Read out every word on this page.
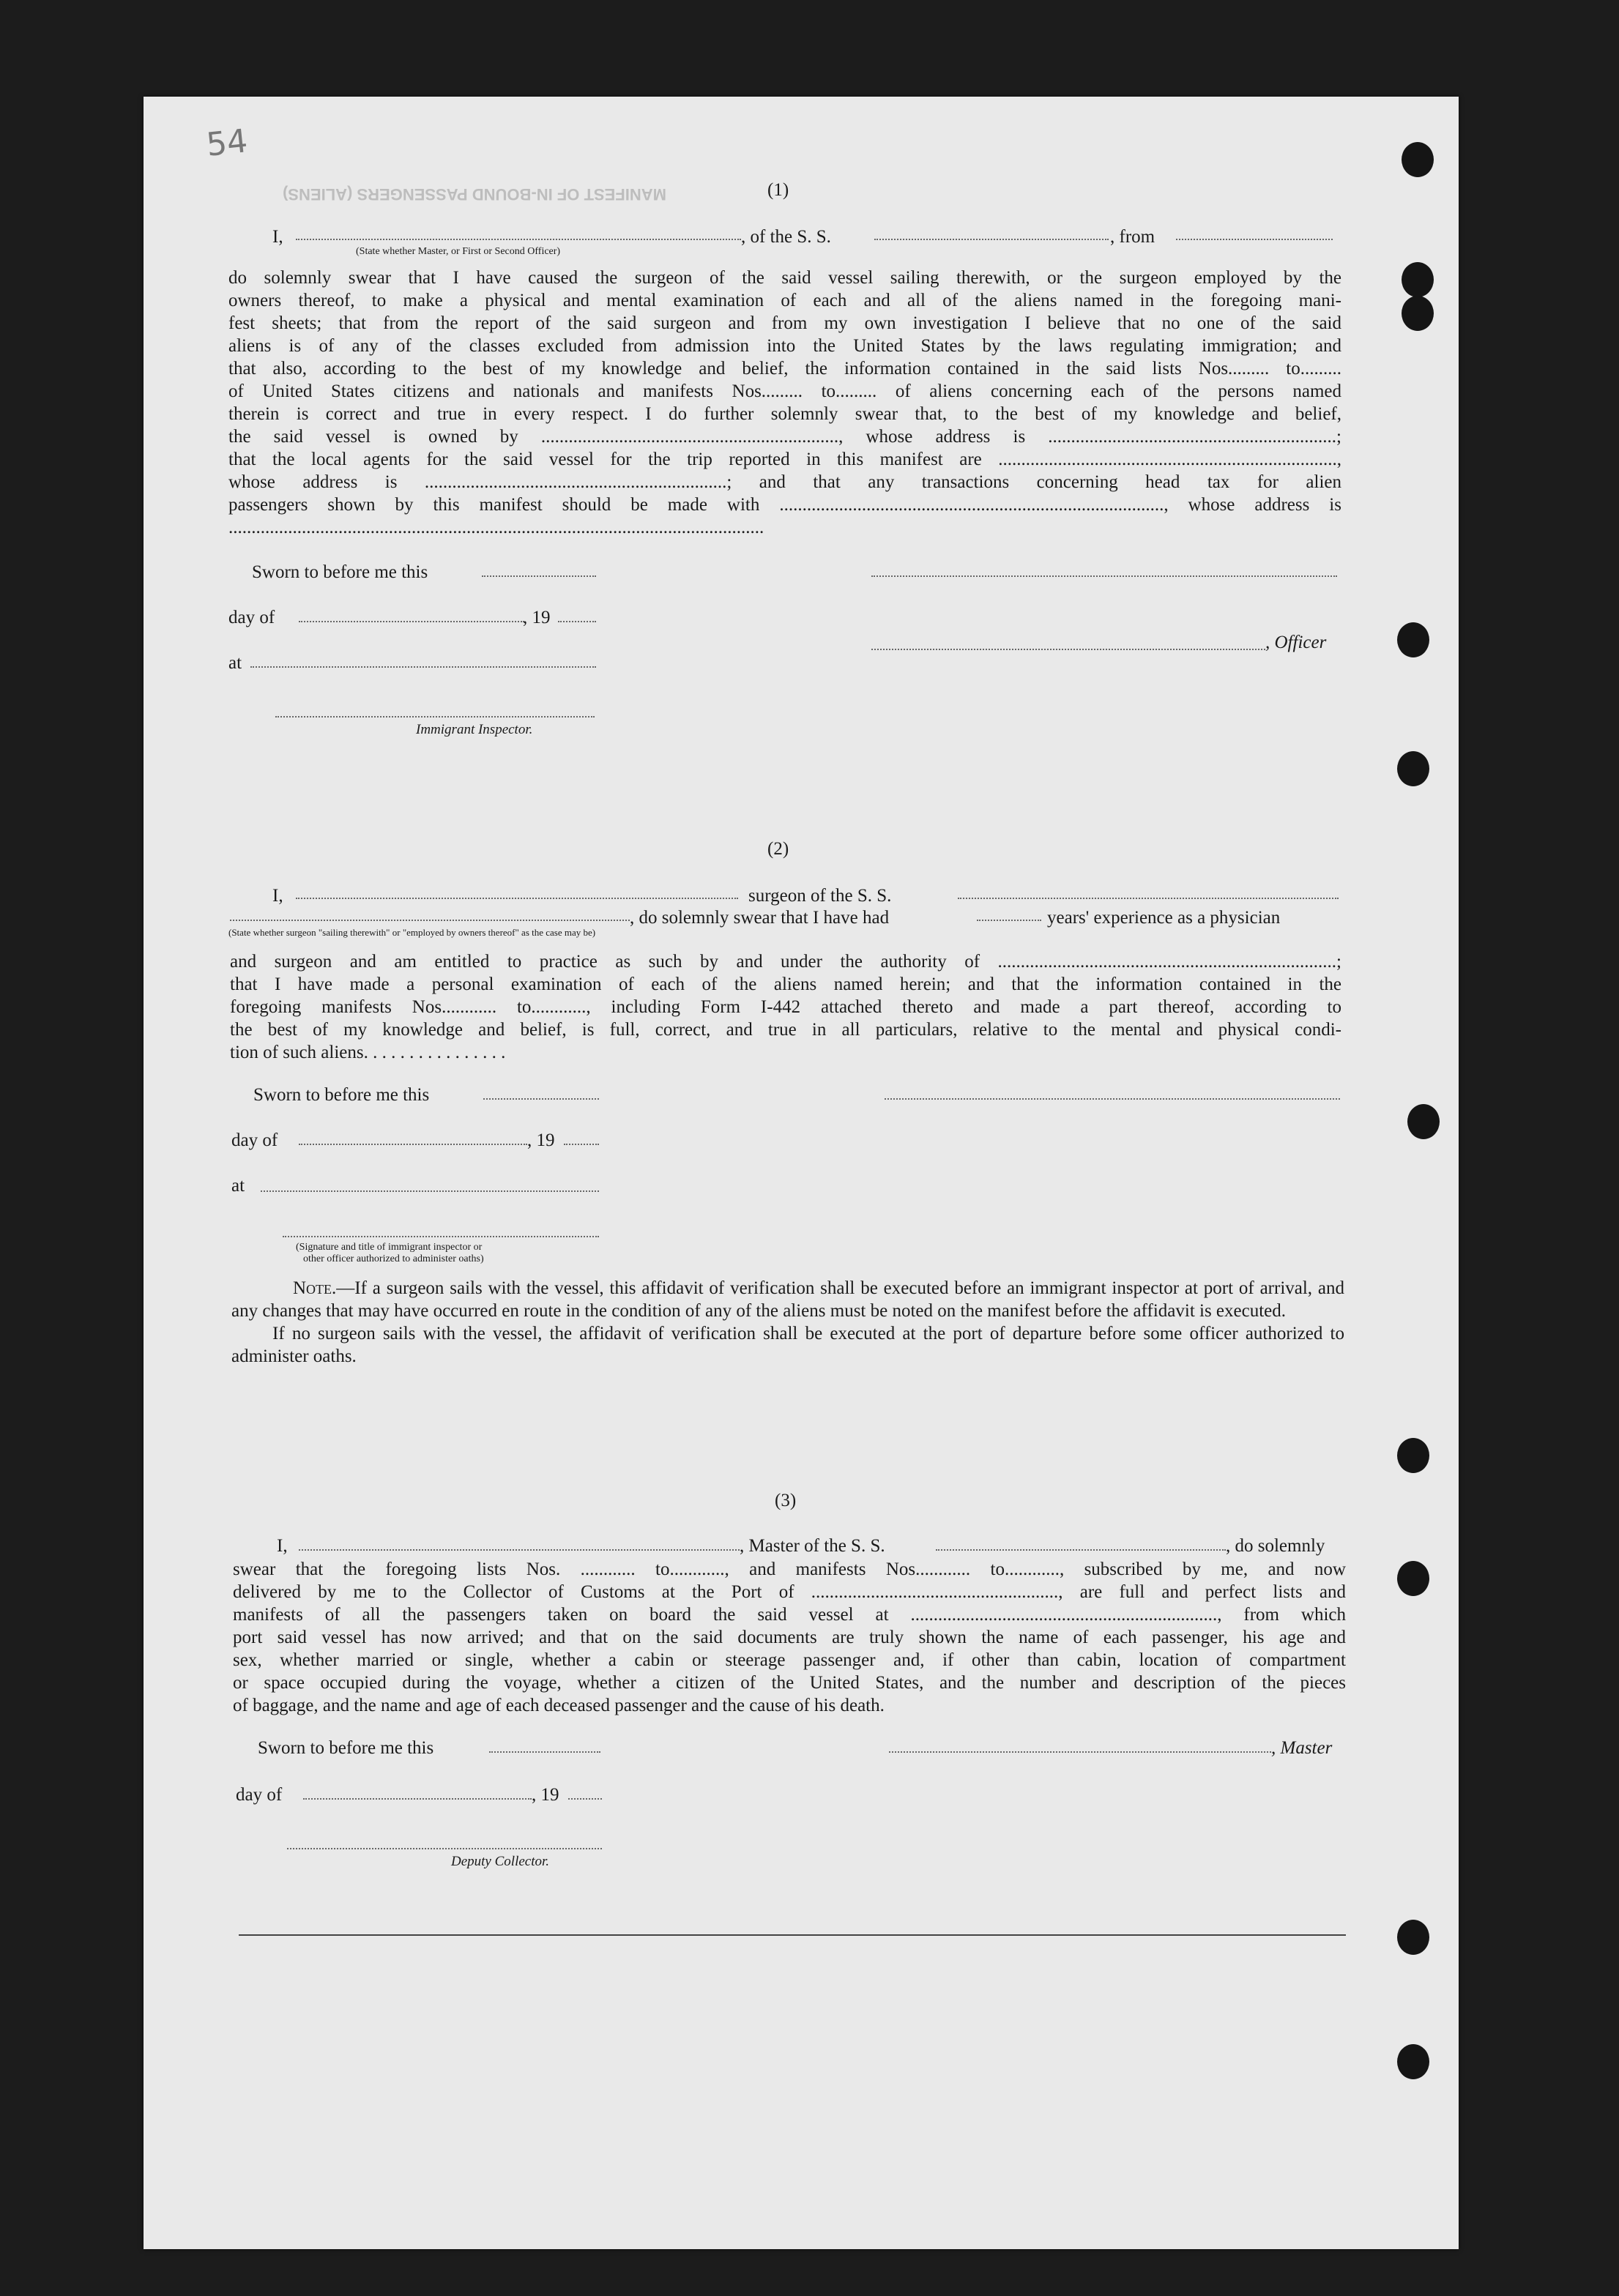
MANIFEST OF IN-BOUND PASSENGERS (ALIENS)
54
(1)
I,	, of the S. S.	, from
(State whether Master, or First or Second Officer)
do solemnly swear that I have caused the surgeon of the said vessel sailing therewith, or the surgeon employed by the
owners thereof, to make a physical and mental examination of each and all of the aliens named in the foregoing mani-
fest sheets; that from the report of the said surgeon and from my own investigation I believe that no one of the said
aliens is of any of the classes excluded from admission into the United States by the laws regulating immigration; and
that also, according to the best of my knowledge and belief, the information contained in the said lists Nos......... to.........
of United States citizens and nationals and manifests Nos......... to......... of aliens concerning each of the persons named
therein is correct and true in every respect. I do further solemnly swear that, to the best of my knowledge and belief,
the said vessel is owned by ................................................................., whose address is ...............................................................;
that the local agents for the said vessel for the trip reported in this manifest are ..........................................................................,
whose address is ..................................................................; and that any transactions concerning head tax for alien
passengers shown by this manifest should be made with ...................................................................................., whose address is
.....................................................................................................................
Sworn to before me this
day of	, 19
, Officer
at
Immigrant Inspector.
(2)
I,	surgeon of the S. S.
, do solemnly swear that I have had	years' experience as a physician
(State whether surgeon "sailing therewith" or "employed by owners thereof" as the case may be)
and surgeon and am entitled to practice as such by and under the authority of ..........................................................................;
that I have made a personal examination of each of the aliens named herein; and that the information contained in the
foregoing manifests Nos............ to............, including Form I-442 attached thereto and made a part thereof, according to
the best of my knowledge and belief, is full, correct, and true in all particulars, relative to the mental and physical condi-
tion of such aliens. . . . . . . . . . . . . . . .
Sworn to before me this
day of	, 19
at
(Signature and title of immigrant inspector or
other officer authorized to administer oaths)
Note.—If a surgeon sails with the vessel, this affidavit of verification shall be executed before an immigrant inspector at port of arrival, and any changes that may have occurred en route in the condition of any of the aliens must be noted on the manifest before the affidavit is executed.
If no surgeon sails with the vessel, the affidavit of verification shall be executed at the port of departure before some officer authorized to administer oaths.
(3)
I,	, Master of the S. S.	, do solemnly
swear that the foregoing lists Nos. ............ to............, and manifests Nos............ to............, subscribed by me, and now
delivered by me to the Collector of Customs at the Port of ......................................................, are full and perfect lists and
manifests of all the passengers taken on board the said vessel at ..................................................................., from which
port said vessel has now arrived; and that on the said documents are truly shown the name of each passenger, his age and
sex, whether married or single, whether a cabin or steerage passenger and, if other than cabin, location of compartment
or space occupied during the voyage, whether a citizen of the United States, and the number and description of the pieces
of baggage, and the name and age of each deceased passenger and the cause of his death.
Sworn to before me this	, Master
day of	, 19
Deputy Collector.
